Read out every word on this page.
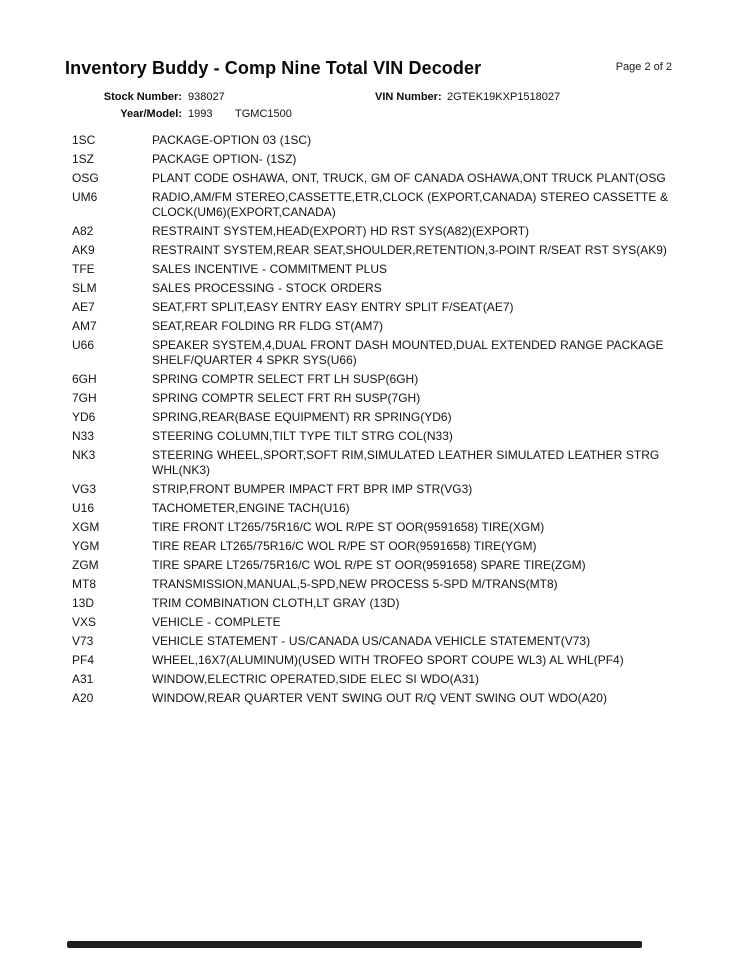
Inventory Buddy - Comp Nine Total VIN Decoder	Page 2 of 2
Stock Number: 938027	VIN Number: 2GTEK19KXP1518027
Year/Model: 1993 TGMC1500
1SC	PACKAGE-OPTION 03 (1SC)
1SZ	PACKAGE OPTION- (1SZ)
OSG	PLANT CODE OSHAWA, ONT, TRUCK, GM OF CANADA OSHAWA,ONT TRUCK PLANT(OSG
UM6	RADIO,AM/FM STEREO,CASSETTE,ETR,CLOCK (EXPORT,CANADA) STEREO CASSETTE & CLOCK(UM6)(EXPORT,CANADA)
A82	RESTRAINT SYSTEM,HEAD(EXPORT) HD RST SYS(A82)(EXPORT)
AK9	RESTRAINT SYSTEM,REAR SEAT,SHOULDER,RETENTION,3-POINT R/SEAT RST SYS(AK9)
TFE	SALES INCENTIVE - COMMITMENT PLUS
SLM	SALES PROCESSING - STOCK ORDERS
AE7	SEAT,FRT SPLIT,EASY ENTRY EASY ENTRY SPLIT F/SEAT(AE7)
AM7	SEAT,REAR FOLDING RR FLDG ST(AM7)
U66	SPEAKER SYSTEM,4,DUAL FRONT DASH MOUNTED,DUAL EXTENDED RANGE PACKAGE SHELF/QUARTER 4 SPKR SYS(U66)
6GH	SPRING COMPTR SELECT FRT LH SUSP(6GH)
7GH	SPRING COMPTR SELECT FRT RH SUSP(7GH)
YD6	SPRING,REAR(BASE EQUIPMENT) RR SPRING(YD6)
N33	STEERING COLUMN,TILT TYPE TILT STRG COL(N33)
NK3	STEERING WHEEL,SPORT,SOFT RIM,SIMULATED LEATHER SIMULATED LEATHER STRG WHL(NK3)
VG3	STRIP,FRONT BUMPER IMPACT FRT BPR IMP STR(VG3)
U16	TACHOMETER,ENGINE TACH(U16)
XGM	TIRE FRONT LT265/75R16/C WOL R/PE ST OOR(9591658) TIRE(XGM)
YGM	TIRE REAR LT265/75R16/C WOL R/PE ST OOR(9591658) TIRE(YGM)
ZGM	TIRE SPARE LT265/75R16/C WOL R/PE ST OOR(9591658) SPARE TIRE(ZGM)
MT8	TRANSMISSION,MANUAL,5-SPD,NEW PROCESS 5-SPD M/TRANS(MT8)
13D	TRIM COMBINATION CLOTH,LT GRAY (13D)
VXS	VEHICLE - COMPLETE
V73	VEHICLE STATEMENT - US/CANADA US/CANADA VEHICLE STATEMENT(V73)
PF4	WHEEL,16X7(ALUMINUM)(USED WITH TROFEO SPORT COUPE WL3) AL WHL(PF4)
A31	WINDOW,ELECTRIC OPERATED,SIDE ELEC SI WDO(A31)
A20	WINDOW,REAR QUARTER VENT SWING OUT R/Q VENT SWING OUT WDO(A20)
